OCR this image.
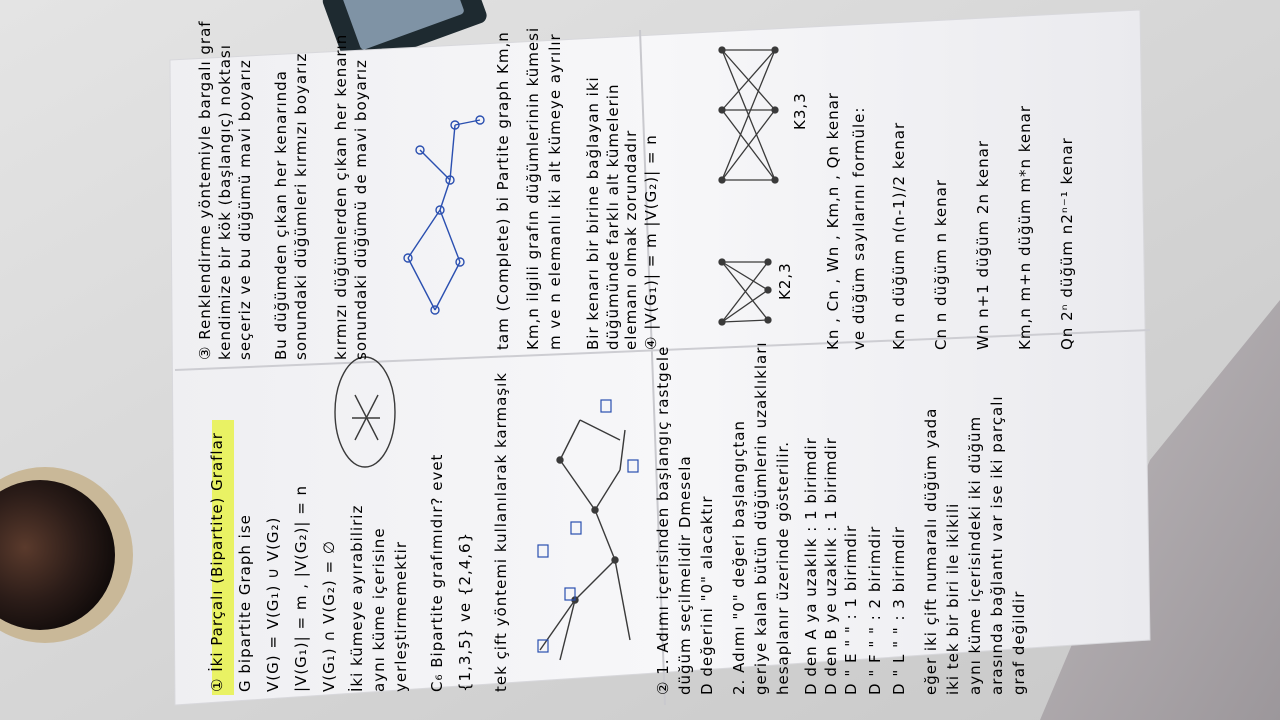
① İki Parçalı (Bipartite) Graflar G bipartite Graph ise V(G) = V(G₁) ∪ V(G₂) |V(G₁)| = m , |V(G₂)| = n V(G₁) ∩ V(G₂) = ∅ İki kümeye ayırabiliriz aynı küme içerisine yerleştirmemektir C₆ Bipartite grafımıdır? evet {1,3,5} ve {2,4,6} tek çift yöntemi kullanılarak karmaşık	② 1. Adımı içerisinden başlangıç rastgele düğüm seçilmelidir Dmesela D değerini "0" alacaktır 2. Adımı "0" değeri başlangıçtan geriye kalan bütün düğümlerin uzaklıkları hesaplanır üzerinde gösterilir. D den A ya uzaklık : 1 birimdir D den B ye uzaklık : 1 birimdir D " E " " : 1 birimdir D " F " " : 2 birimdir D " L " " : 3 birimdir eğer iki çift numaralı düğüm yada iki tek bir biri ile ikikili aynı küme içerisindeki iki düğüm arasında bağlantı var ise iki parçalı graf değildir
③ Renklendirme yöntemiyle bargalı graf kendimize bir kök (başlangıç) noktası seçeriz ve bu düğümü mavi boyarız Bu düğümden çıkan her kenarında sonundaki düğümleri kırmızı boyarız kırmızı düğümlerden çıkan her kenarın sonundaki düğümü de mavi boyarız	tam (Complete) bi Partite graph Km,n Km,n ilgili grafın düğümlerinin kümesi m ve n elemanlı iki alt kümeye ayrılır Bir kenarı bir birine bağlayan iki düğümünde farklı alt kümelerin elemanı olmak zorundadır ④ |V(G₁)| = m |V(G₂)| = n	K2,3
K3,3 Kn , Cn , Wn , Km,n , Qn kenar ve düğüm sayılarını formüle: Kn n düğüm n(n-1)/2 kenar Cn n düğüm n kenar Wn n+1 düğüm 2n kenar Km,n m+n düğüm m*n kenar Qn 2ⁿ düğüm n2ⁿ⁻¹ kenar
